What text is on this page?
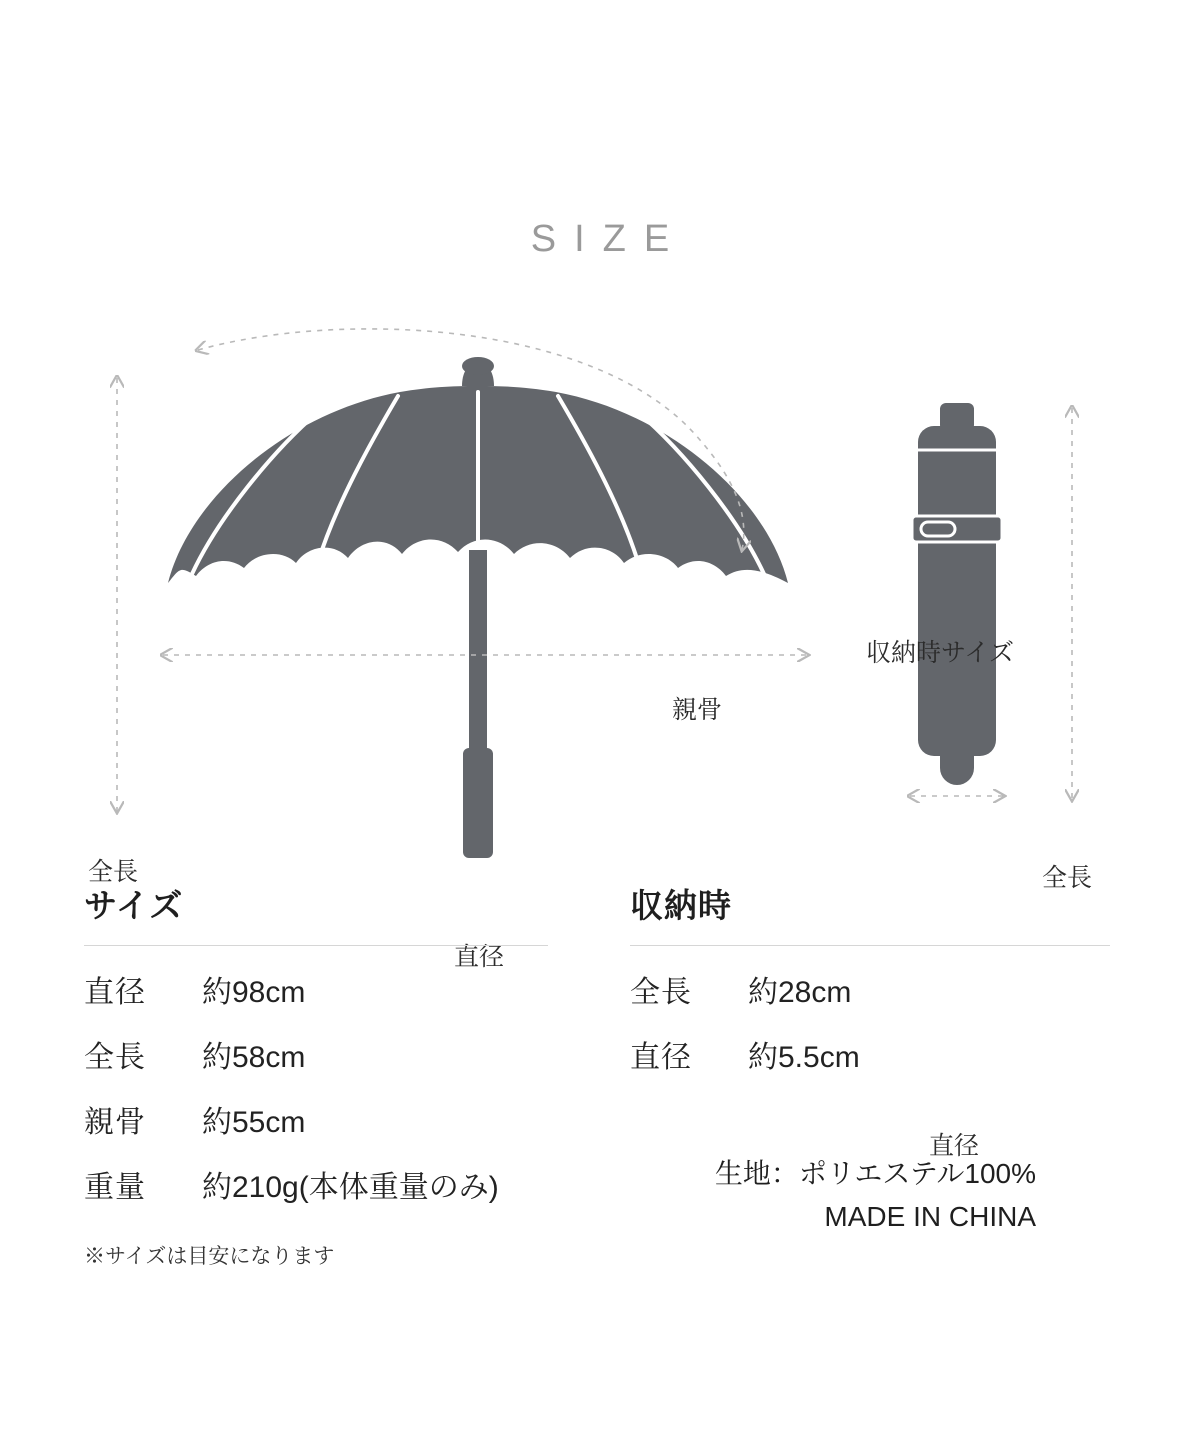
SIZE
親骨
全長
直径
収納時サイズ
全長
直径
サイズ
直径	約98cm
全長	約58cm
親骨	約55cm
重量	約210g(本体重量のみ)
※サイズは目安になります
収納時
全長	約28cm
直径	約5.5cm
生地：ポリエステル100%
MADE IN CHINA
